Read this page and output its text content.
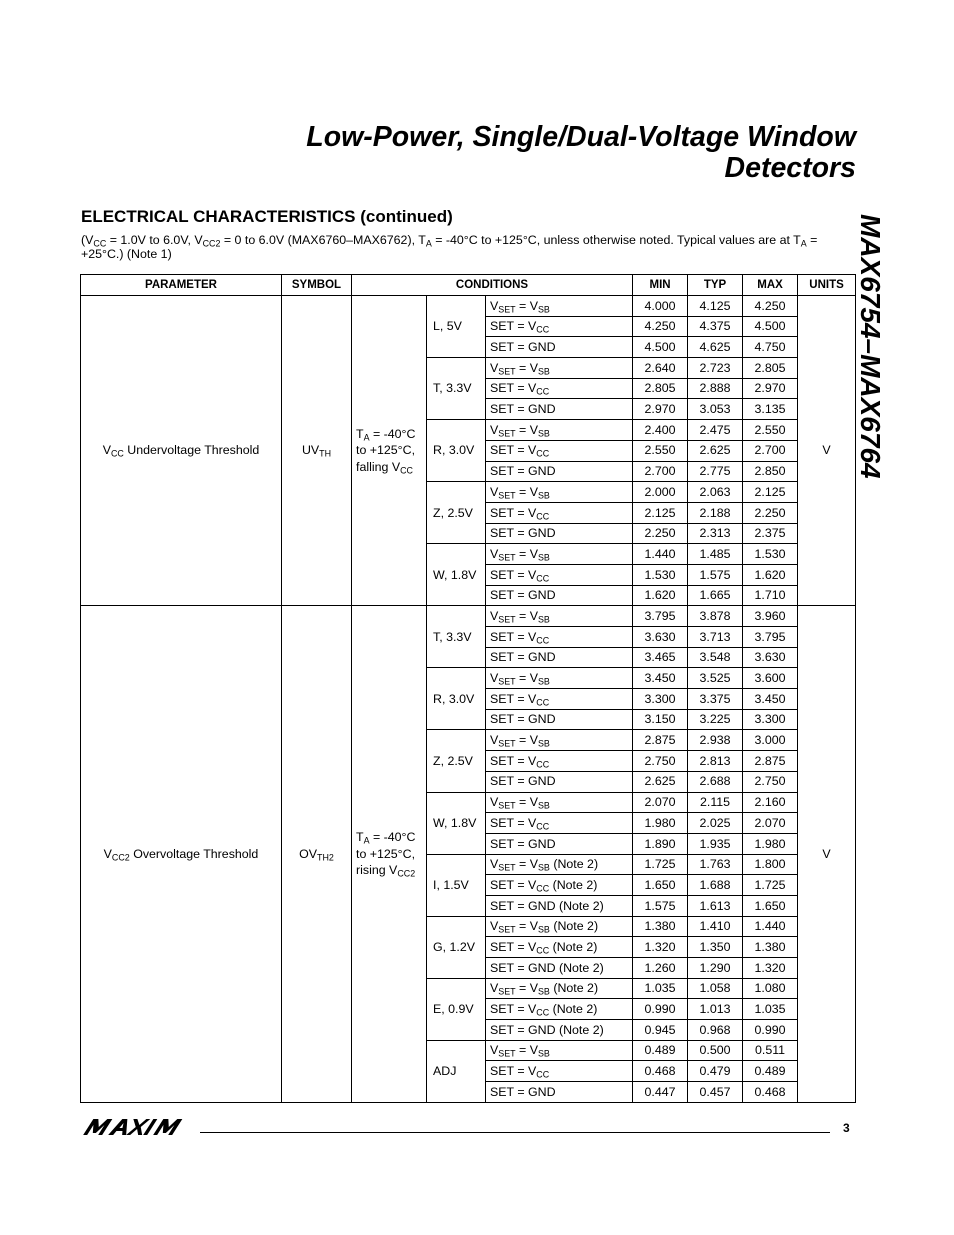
Low-Power, Single/Dual-Voltage Window
Detectors
MAX6754–MAX6764
ELECTRICAL CHARACTERISTICS (continued)
($V_{CC} = 1.0V$ to 6.0V, $V_{CC2} = 0$ to 6.0V (MAX6760–MAX6762), $T_A = -40^\circ C$ to +125°C, unless otherwise noted. Typical values are at $T_A = +25^\circ C$.) (Note 1)
PARAMETER	SYMBOL	CONDITIONS			MIN	TYP	MAX	UNITS
$V_{CC}$ Undervoltage Threshold	$UV_{TH}$	$T_A = -40^\circ C$
to +125°C,
falling $V_{CC}$	L, 5V	$V_{SET} = V_{SB}$	4.000	4.125	4.250	V
				SET = $V_{CC}$	4.250	4.375	4.500	
				SET = GND	4.500	4.625	4.750	
			T, 3.3V	$V_{SET} = V_{SB}$	2.640	2.723	2.805	
				SET = $V_{CC}$	2.805	2.888	2.970	
				SET = GND	2.970	3.053	3.135	
			R, 3.0V	$V_{SET} = V_{SB}$	2.400	2.475	2.550	
				SET = $V_{CC}$	2.550	2.625	2.700	
				SET = GND	2.700	2.775	2.850	
			Z, 2.5V	$V_{SET} = V_{SB}$	2.000	2.063	2.125	
				SET = $V_{CC}$	2.125	2.188	2.250	
				SET = GND	2.250	2.313	2.375	
			W, 1.8V	$V_{SET} = V_{SB}$	1.440	1.485	1.530	
				SET = $V_{CC}$	1.530	1.575	1.620	
				SET = GND	1.620	1.665	1.710	
$V_{CC2}$ Overvoltage Threshold	$OV_{TH2}$	$T_A = -40^\circ C$
to +125°C,
rising $V_{CC2}$	T, 3.3V	$V_{SET} = V_{SB}$	3.795	3.878	3.960	V
				SET = $V_{CC}$	3.630	3.713	3.795	
				SET = GND	3.465	3.548	3.630	
			R, 3.0V	$V_{SET} = V_{SB}$	3.450	3.525	3.600	
				SET = $V_{CC}$	3.300	3.375	3.450	
				SET = GND	3.150	3.225	3.300	
			Z, 2.5V	$V_{SET} = V_{SB}$	2.875	2.938	3.000	
				SET = $V_{CC}$	2.750	2.813	2.875	
				SET = GND	2.625	2.688	2.750	
			W, 1.8V	$V_{SET} = V_{SB}$	2.070	2.115	2.160	
				SET = $V_{CC}$	1.980	2.025	2.070	
				SET = GND	1.890	1.935	1.980	
			I, 1.5V	$V_{SET} = V_{SB}$ (Note 2)	1.725	1.763	1.800	
				SET = $V_{CC}$ (Note 2)	1.650	1.688	1.725	
				SET = GND (Note 2)	1.575	1.613	1.650	
			G, 1.2V	$V_{SET} = V_{SB}$ (Note 2)	1.380	1.410	1.440	
				SET = $V_{CC}$ (Note 2)	1.320	1.350	1.380	
				SET = GND (Note 2)	1.260	1.290	1.320	
			E, 0.9V	$V_{SET} = V_{SB}$ (Note 2)	1.035	1.058	1.080	
				SET = $V_{CC}$ (Note 2)	0.990	1.013	1.035	
				SET = GND (Note 2)	0.945	0.968	0.990	
			ADJ	$V_{SET} = V_{SB}$	0.489	0.500	0.511	
				SET = $V_{CC}$	0.468	0.479	0.489	
				SET = GND	0.447	0.457	0.468	
3
